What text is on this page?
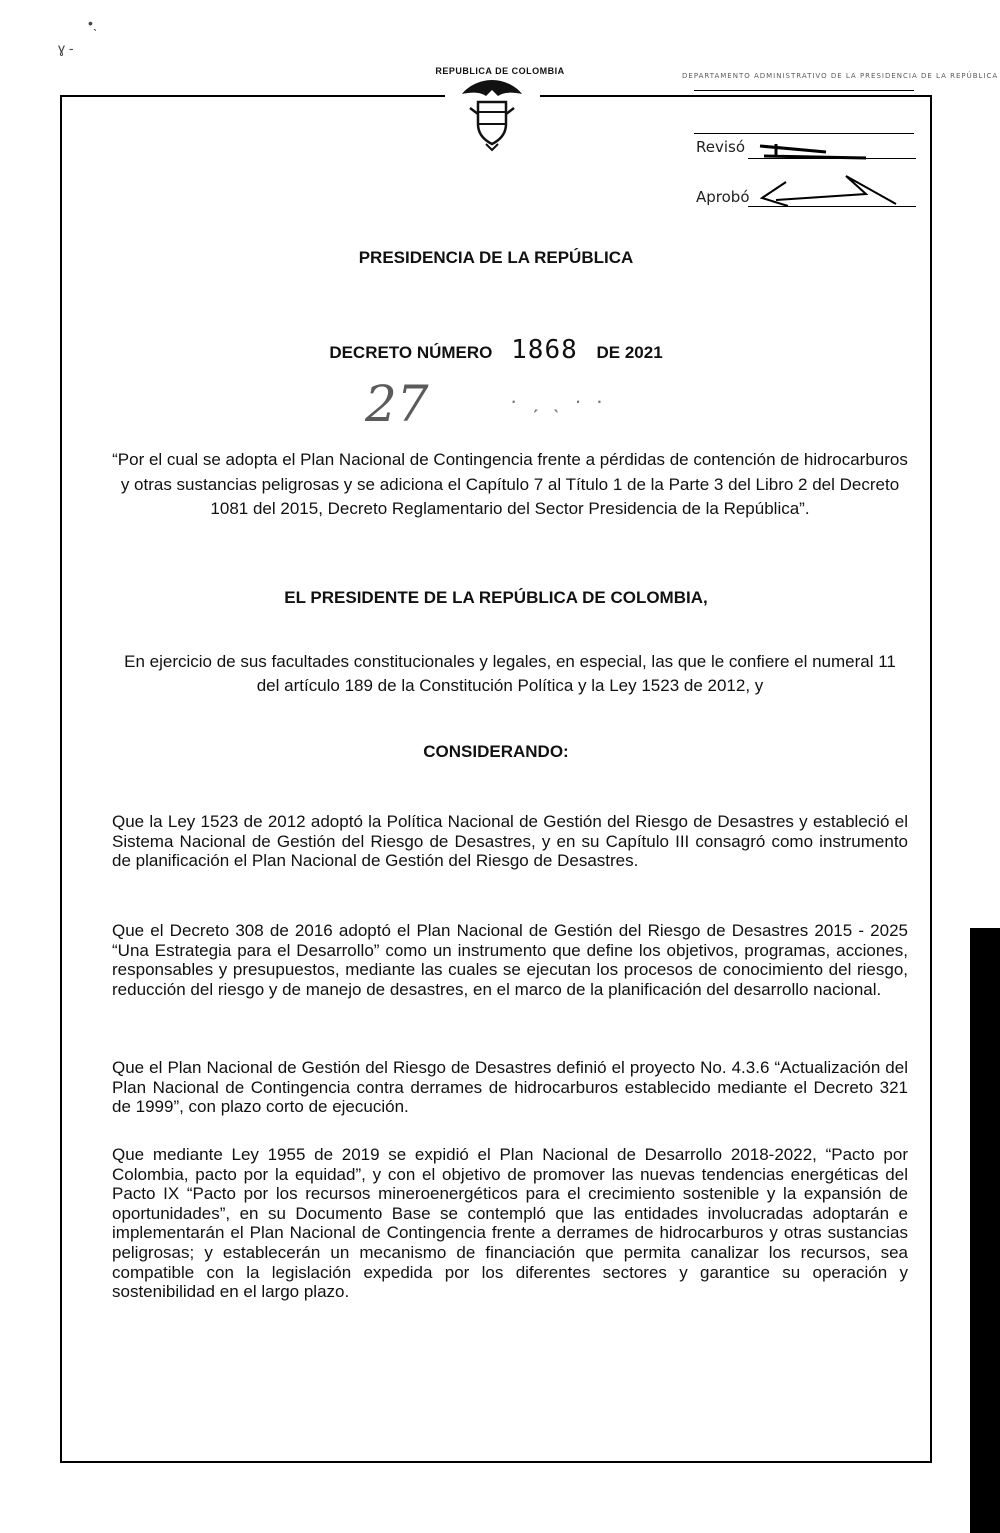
•ˎ
ɣ -
REPUBLICA DE COLOMBIA	DEPARTAMENTO ADMINISTRATIVO DE LA PRESIDENCIA DE LA REPÚBLICA
Revisó
Aprobó
PRESIDENCIA DE LA REPÚBLICA
DECRETO NÚMERO 1868 DE 2021
27	· ˏ ˎ · ·
“Por el cual se adopta el Plan Nacional de Contingencia frente a pérdidas de contención de hidrocarburos y otras sustancias peligrosas y se adiciona el Capítulo 7 al Título 1 de la Parte 3 del Libro 2 del Decreto 1081 del 2015, Decreto Reglamentario del Sector Presidencia de la República”.
EL PRESIDENTE DE LA REPÚBLICA DE COLOMBIA,
En ejercicio de sus facultades constitucionales y legales, en especial, las que le confiere el numeral 11 del artículo 189 de la Constitución Política y la Ley 1523 de 2012, y
CONSIDERANDO:
Que la Ley 1523 de 2012 adoptó la Política Nacional de Gestión del Riesgo de Desastres y estableció el Sistema Nacional de Gestión del Riesgo de Desastres, y en su Capítulo III consagró como instrumento de planificación el Plan Nacional de Gestión del Riesgo de Desastres.
Que el Decreto 308 de 2016 adoptó el Plan Nacional de Gestión del Riesgo de Desastres 2015 - 2025 “Una Estrategia para el Desarrollo” como un instrumento que define los objetivos, programas, acciones, responsables y presupuestos, mediante las cuales se ejecutan los procesos de conocimiento del riesgo, reducción del riesgo y de manejo de desastres, en el marco de la planificación del desarrollo nacional.
Que el Plan Nacional de Gestión del Riesgo de Desastres definió el proyecto No. 4.3.6 “Actualización del Plan Nacional de Contingencia contra derrames de hidrocarburos establecido mediante el Decreto 321 de 1999”, con plazo corto de ejecución.
Que mediante Ley 1955 de 2019 se expidió el Plan Nacional de Desarrollo 2018-2022, “Pacto por Colombia, pacto por la equidad”, y con el objetivo de promover las nuevas tendencias energéticas del Pacto IX “Pacto por los recursos mineroenergéticos para el crecimiento sostenible y la expansión de oportunidades”, en su Documento Base se contempló que las entidades involucradas adoptarán e implementarán el Plan Nacional de Contingencia frente a derrames de hidrocarburos y otras sustancias peligrosas; y establecerán un mecanismo de financiación que permita canalizar los recursos, sea compatible con la legislación expedida por los diferentes sectores y garantice su operación y sostenibilidad en el largo plazo.
